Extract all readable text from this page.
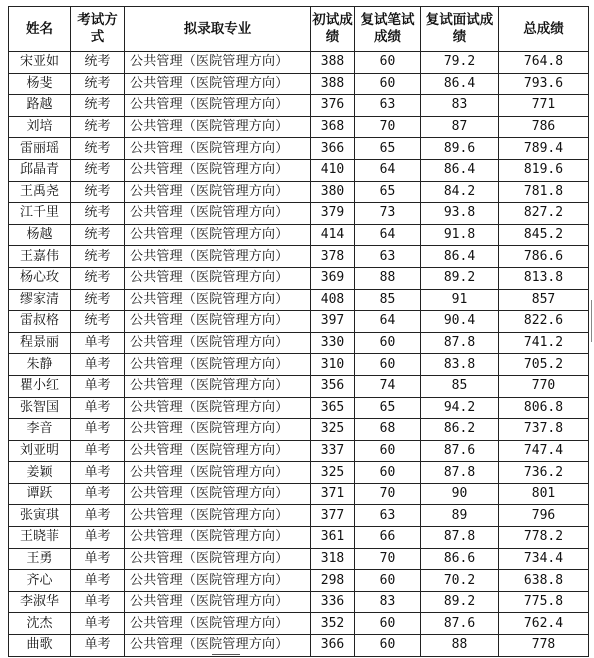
姓名	考试方式	拟录取专业	初试成绩	复试笔试成绩	复试面试成绩	总成绩
宋亚如	统考	公共管理（医院管理方向）	388	60	79.2	764.8
杨斐	统考	公共管理（医院管理方向）	388	60	86.4	793.6
路越	统考	公共管理（医院管理方向）	376	63	83	771
刘培	统考	公共管理（医院管理方向）	368	70	87	786
雷丽瑶	统考	公共管理（医院管理方向）	366	65	89.6	789.4
邱晶青	统考	公共管理（医院管理方向）	410	64	86.4	819.6
王禹尧	统考	公共管理（医院管理方向）	380	65	84.2	781.8
江千里	统考	公共管理（医院管理方向）	379	73	93.8	827.2
杨越	统考	公共管理（医院管理方向）	414	64	91.8	845.2
王嘉伟	统考	公共管理（医院管理方向）	378	63	86.4	786.6
杨心玫	统考	公共管理（医院管理方向）	369	88	89.2	813.8
缪家清	统考	公共管理（医院管理方向）	408	85	91	857
雷叔格	统考	公共管理（医院管理方向）	397	64	90.4	822.6
程景丽	单考	公共管理（医院管理方向）	330	60	87.8	741.2
朱静	单考	公共管理（医院管理方向）	310	60	83.8	705.2
瞿小红	单考	公共管理（医院管理方向）	356	74	85	770
张智国	单考	公共管理（医院管理方向）	365	65	94.2	806.8
李音	单考	公共管理（医院管理方向）	325	68	86.2	737.8
刘亚明	单考	公共管理（医院管理方向）	337	60	87.6	747.4
姜颖	单考	公共管理（医院管理方向）	325	60	87.8	736.2
谭跃	单考	公共管理（医院管理方向）	371	70	90	801
张寅琪	单考	公共管理（医院管理方向）	377	63	89	796
王晓菲	单考	公共管理（医院管理方向）	361	66	87.8	778.2
王勇	单考	公共管理（医院管理方向）	318	70	86.6	734.4
齐心	单考	公共管理（医院管理方向）	298	60	70.2	638.8
李淑华	单考	公共管理（医院管理方向）	336	83	89.2	775.8
沈杰	单考	公共管理（医院管理方向）	352	60	87.6	762.4
曲歌	单考	公共管理（医院管理方向）	366	60	88	778
